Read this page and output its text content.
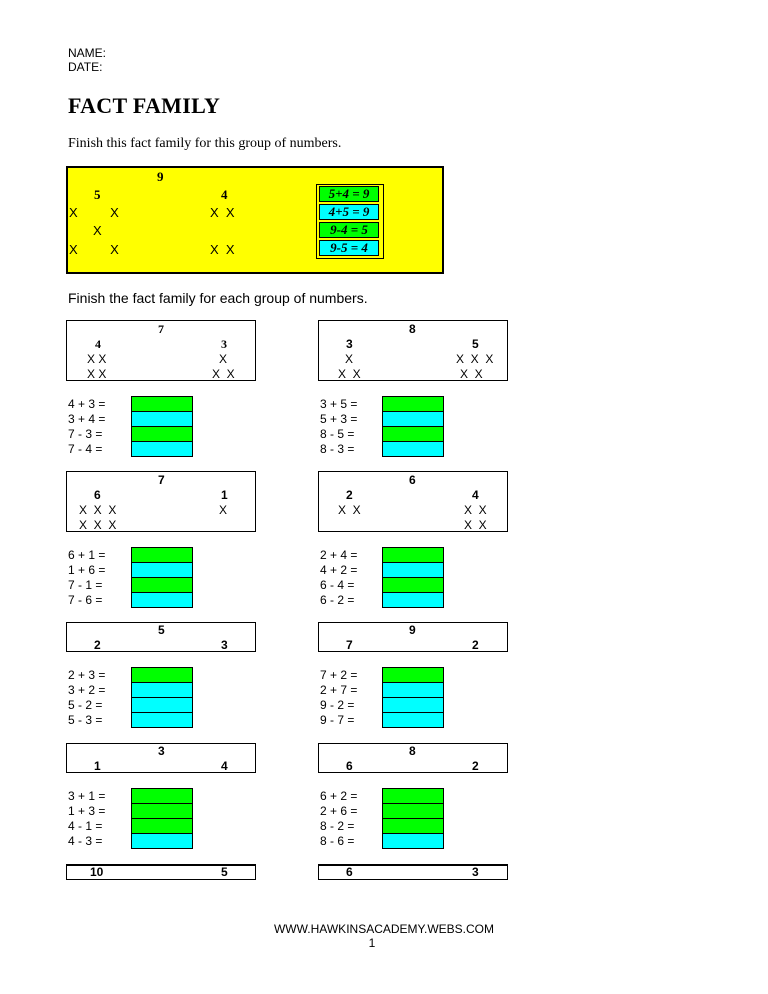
NAME:
DATE:
FACT FAMILY
Finish this fact family for this group of numbers.
9
5	4
X         X	X  X
X
X         X	X  X
5+4 = 9
4+5 = 9
9-4 = 5
9-5 = 4
Finish the fact family for each group of numbers.
7
4	3
X X	X
X X	X  X
4 + 3 =
3 + 4 =
7 - 3 =
7 - 4 =
8
3	5
X	X  X  X
X  X	X  X
3 + 5 =
5 + 3 =
8 - 5 =
8 - 3 =
7
6	1
X  X  X	X
X  X  X
6 + 1 =
1 + 6 =
7 - 1 =
7 - 6 =
6
2	4
X  X	X  X
X  X
2 + 4 =
4 + 2 =
6 - 4 =
6 - 2 =
5
2	3
2 + 3 =
3 + 2 =
5 - 2 =
5 - 3 =
9
7	2
7 + 2 =
2 + 7 =
9 - 2 =
9 - 7 =
3
1	4
3 + 1 =
1 + 3 =
4 - 1 =
4 - 3 =
8
6	2
6 + 2 =
2 + 6 =
8 - 2 =
8 - 6 =
10	5	6	3
WWW.HAWKINSACADEMY.WEBS.COM
1
